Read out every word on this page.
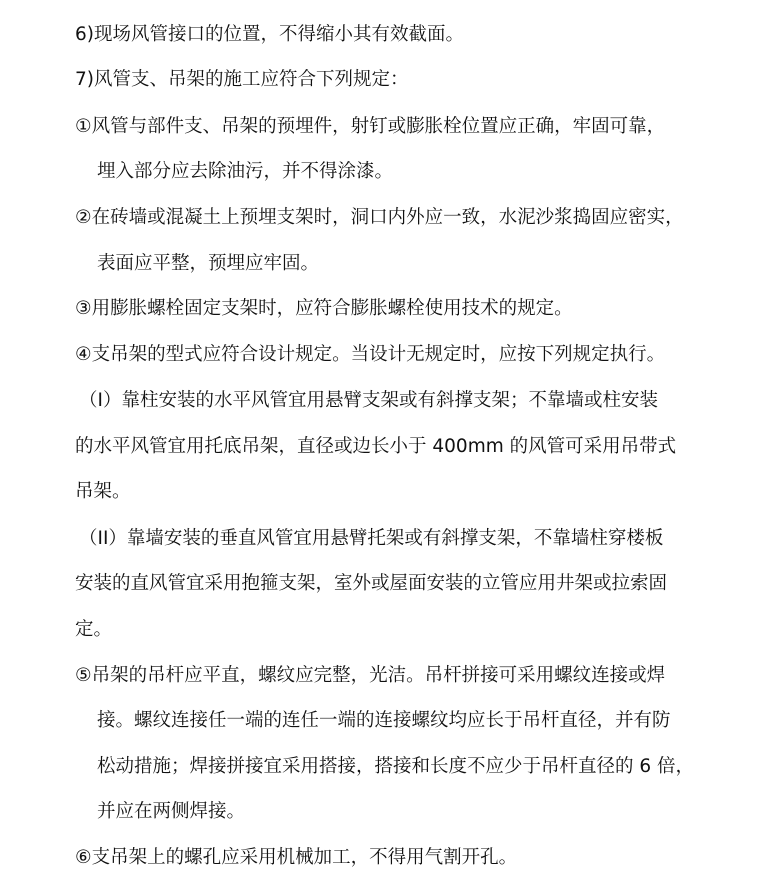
6)现场风管接口的位置，不得缩小其有效截面。
7)风管支、吊架的施工应符合下列规定：
①风管与部件支、吊架的预埋件，射钉或膨胀栓位置应正确，牢固可靠，
埋入部分应去除油污，并不得涂漆。
②在砖墙或混凝土上预埋支架时，洞口内外应一致，水泥沙浆捣固应密实，
表面应平整，预埋应牢固。
③用膨胀螺栓固定支架时，应符合膨胀螺栓使用技术的规定。
④支吊架的型式应符合设计规定。当设计无规定时，应按下列规定执行。
（I）靠柱安装的水平风管宜用悬臂支架或有斜撑支架；不靠墙或柱安装
的水平风管宜用托底吊架，直径或边长小于 400mm 的风管可采用吊带式
吊架。
（II）靠墙安装的垂直风管宜用悬臂托架或有斜撑支架，不靠墙柱穿楼板
安装的直风管宜采用抱箍支架，室外或屋面安装的立管应用井架或拉索固
定。
⑤吊架的吊杆应平直，螺纹应完整，光洁。吊杆拼接可采用螺纹连接或焊
接。螺纹连接任一端的连任一端的连接螺纹均应长于吊杆直径，并有防
松动措施；焊接拼接宜采用搭接，搭接和长度不应少于吊杆直径的 6 倍，
并应在两侧焊接。
⑥支吊架上的螺孔应采用机械加工，不得用气割开孔。
